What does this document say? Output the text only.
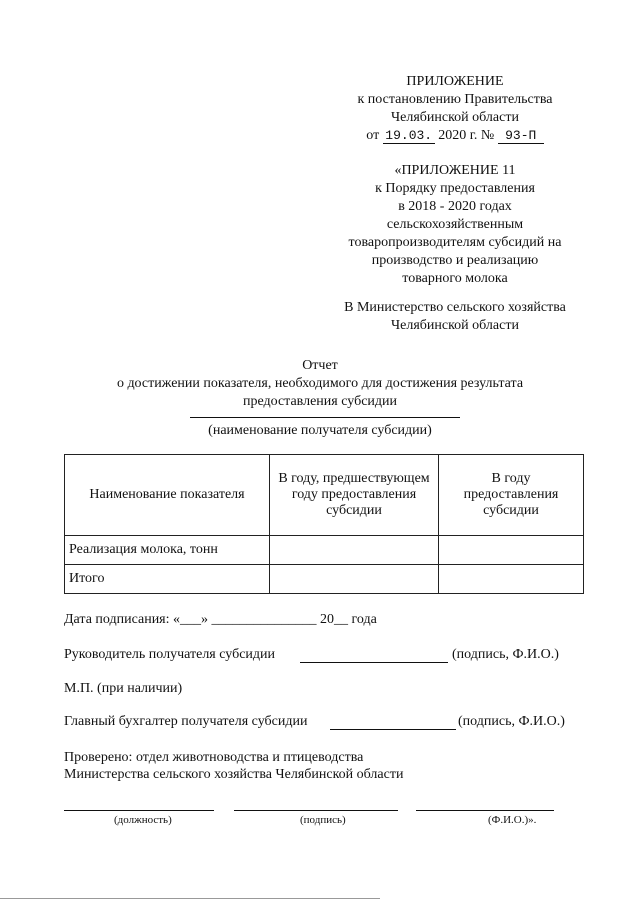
ПРИЛОЖЕНИЕ
к постановлению Правительства
Челябинской области
от 19.03. 2020 г. № 93-П
«ПРИЛОЖЕНИЕ 11
к Порядку предоставления
в 2018 - 2020 годах
сельскохозяйственным
товаропроизводителям субсидий на
производство и реализацию
товарного молока
В Министерство сельского хозяйства
Челябинской области
Отчет
о достижении показателя, необходимого для достижения результата
предоставления субсидии
(наименование получателя субсидии)
Наименование показателя	В году, предшествующем году предоставления субсидии	В году предоставления субсидии
Реализация молока, тонн		
Итого		
Дата подписания: «___» _______________ 20__ года
Руководитель получателя субсидии	(подпись, Ф.И.О.)
М.П. (при наличии)
Главный бухгалтер получателя субсидии	(подпись, Ф.И.О.)
Проверено: отдел животноводства и птицеводства
Министерства сельского хозяйства Челябинской области
(должность)	(подпись)	(Ф.И.О.)».
